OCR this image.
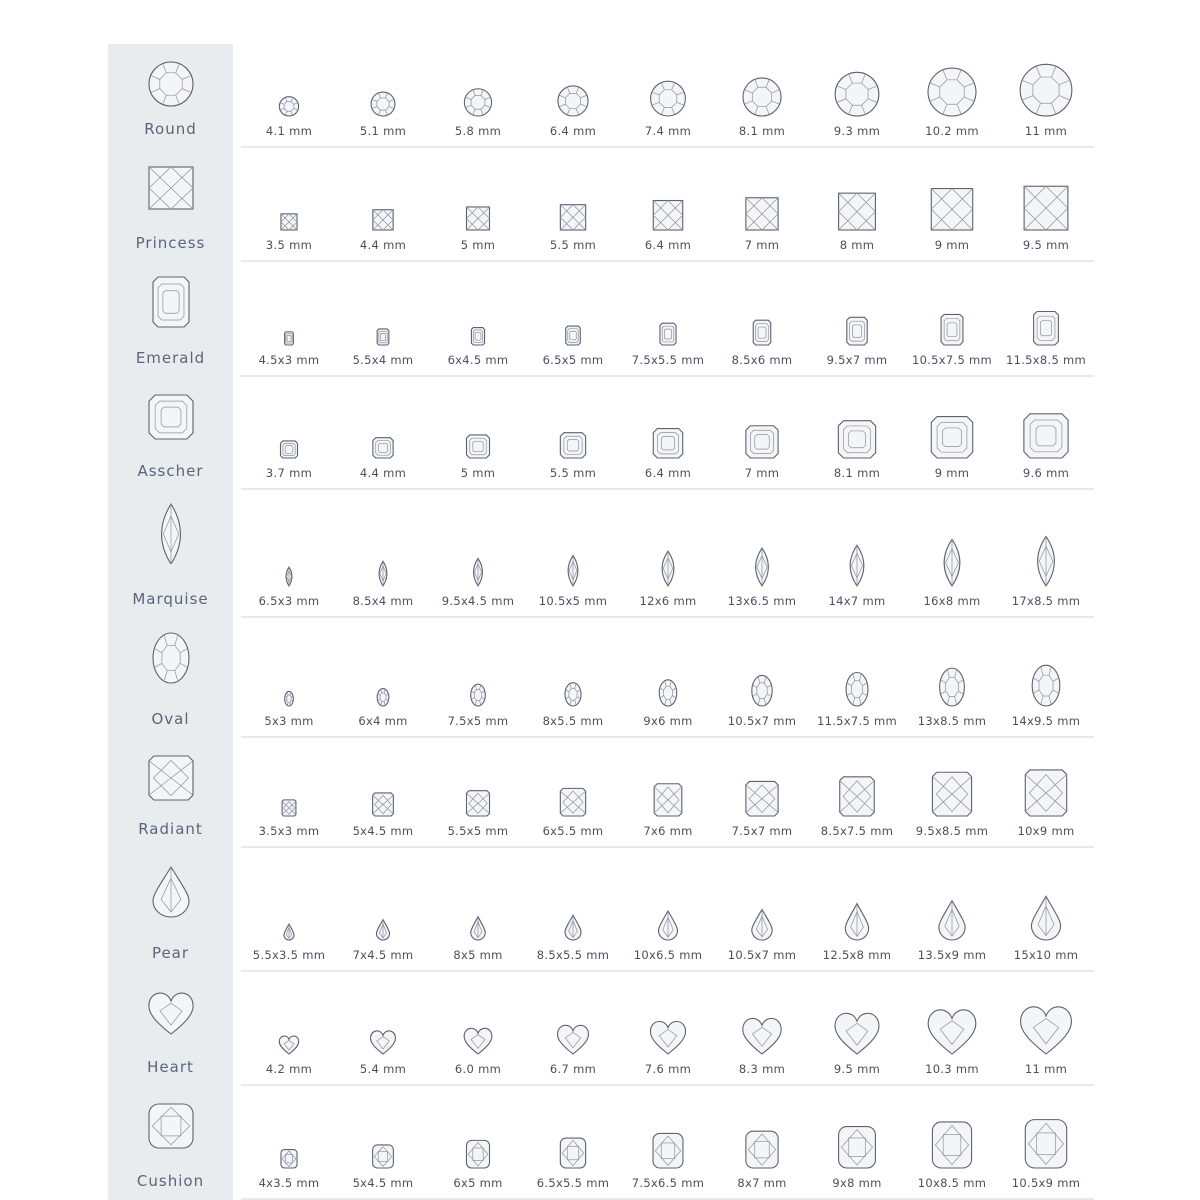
Round	4.1 mm	5.1 mm	5.8 mm	6.4 mm	7.4 mm	8.1 mm	9.3 mm	10.2 mm	11 mm
Princess	3.5 mm	4.4 mm	5 mm	5.5 mm	6.4 mm	7 mm	8 mm	9 mm	9.5 mm
Emerald	4.5x3 mm	5.5x4 mm	6x4.5 mm	6.5x5 mm	7.5x5.5 mm	8.5x6 mm	9.5x7 mm	10.5x7.5 mm	11.5x8.5 mm
Asscher	3.7 mm	4.4 mm	5 mm	5.5 mm	6.4 mm	7 mm	8.1 mm	9 mm	9.6 mm
Marquise	6.5x3 mm	8.5x4 mm	9.5x4.5 mm	10.5x5 mm	12x6 mm	13x6.5 mm	14x7 mm	16x8 mm	17x8.5 mm
Oval	5x3 mm	6x4 mm	7.5x5 mm	8x5.5 mm	9x6 mm	10.5x7 mm	11.5x7.5 mm	13x8.5 mm	14x9.5 mm
Radiant	3.5x3 mm	5x4.5 mm	5.5x5 mm	6x5.5 mm	7x6 mm	7.5x7 mm	8.5x7.5 mm	9.5x8.5 mm	10x9 mm
Pear	5.5x3.5 mm	7x4.5 mm	8x5 mm	8.5x5.5 mm	10x6.5 mm	10.5x7 mm	12.5x8 mm	13.5x9 mm	15x10 mm
Heart	4.2 mm	5.4 mm	6.0 mm	6.7 mm	7.6 mm	8.3 mm	9.5 mm	10.3 mm	11 mm
Cushion	4x3.5 mm	5x4.5 mm	6x5 mm	6.5x5.5 mm	7.5x6.5 mm	8x7 mm	9x8 mm	10x8.5 mm	10.5x9 mm
